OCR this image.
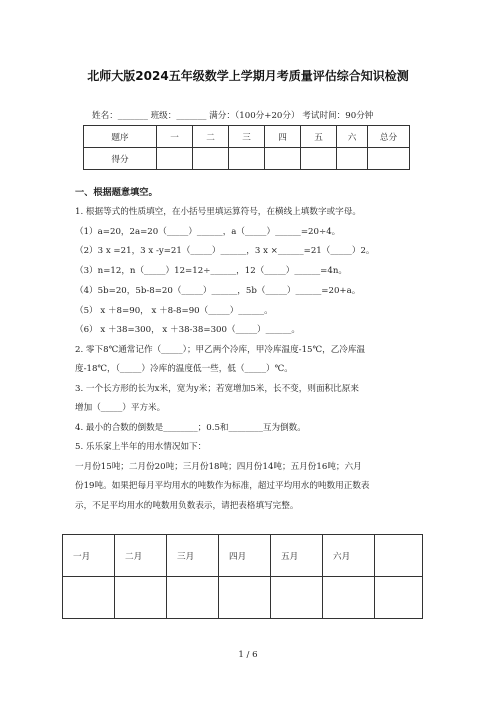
北师大版2024五年级数学上学期月考质量评估综合知识检测
姓名：_______ 班级：_______ 满分：（100分+20分） 考试时间：90分钟
题序	一	二	三	四	五	六	总分
得分							
一、根据题意填空。
1. 根据等式的性质填空，在小括号里填运算符号，在横线上填数字或字母。
（1）a=20，2a=20（_____）______，a（_____）______=20÷4。
（2）3 x =21，3 x -y=21（_____）______，3 x ×______=21（_____）2。
（3）n=12，n（_____）12=12÷______，12（_____）______=4n。
（4）5b=20，5b-8=20（_____）______，5b（_____）______=20+a。
（5） x ＋8=90， x ＋8-8=90（_____）______。
（6） x ＋38=300， x ＋38-38=300（_____）______。
2. 零下8℃通常记作（_____）；甲乙两个冷库，甲冷库温度-15℃，乙冷库温
度-18℃，（_____）冷库的温度低一些，低（_____）℃。
3. 一个长方形的长为x米，宽为y米；若宽增加5米，长不变，则面积比原来
增加（_____）平方米。
4. 最小的合数的倒数是________；0.5和________互为倒数。
5. 乐乐家上半年的用水情况如下：
一月份15吨；二月份20吨；三月份18吨；四月份14吨；五月份16吨；六月
份19吨。如果把每月平均用水的吨数作为标准，超过平均用水的吨数用正数表
示，不足平均用水的吨数用负数表示，请把表格填写完整。
一月	二月	三月	四月	五月	六月	

1 / 6
